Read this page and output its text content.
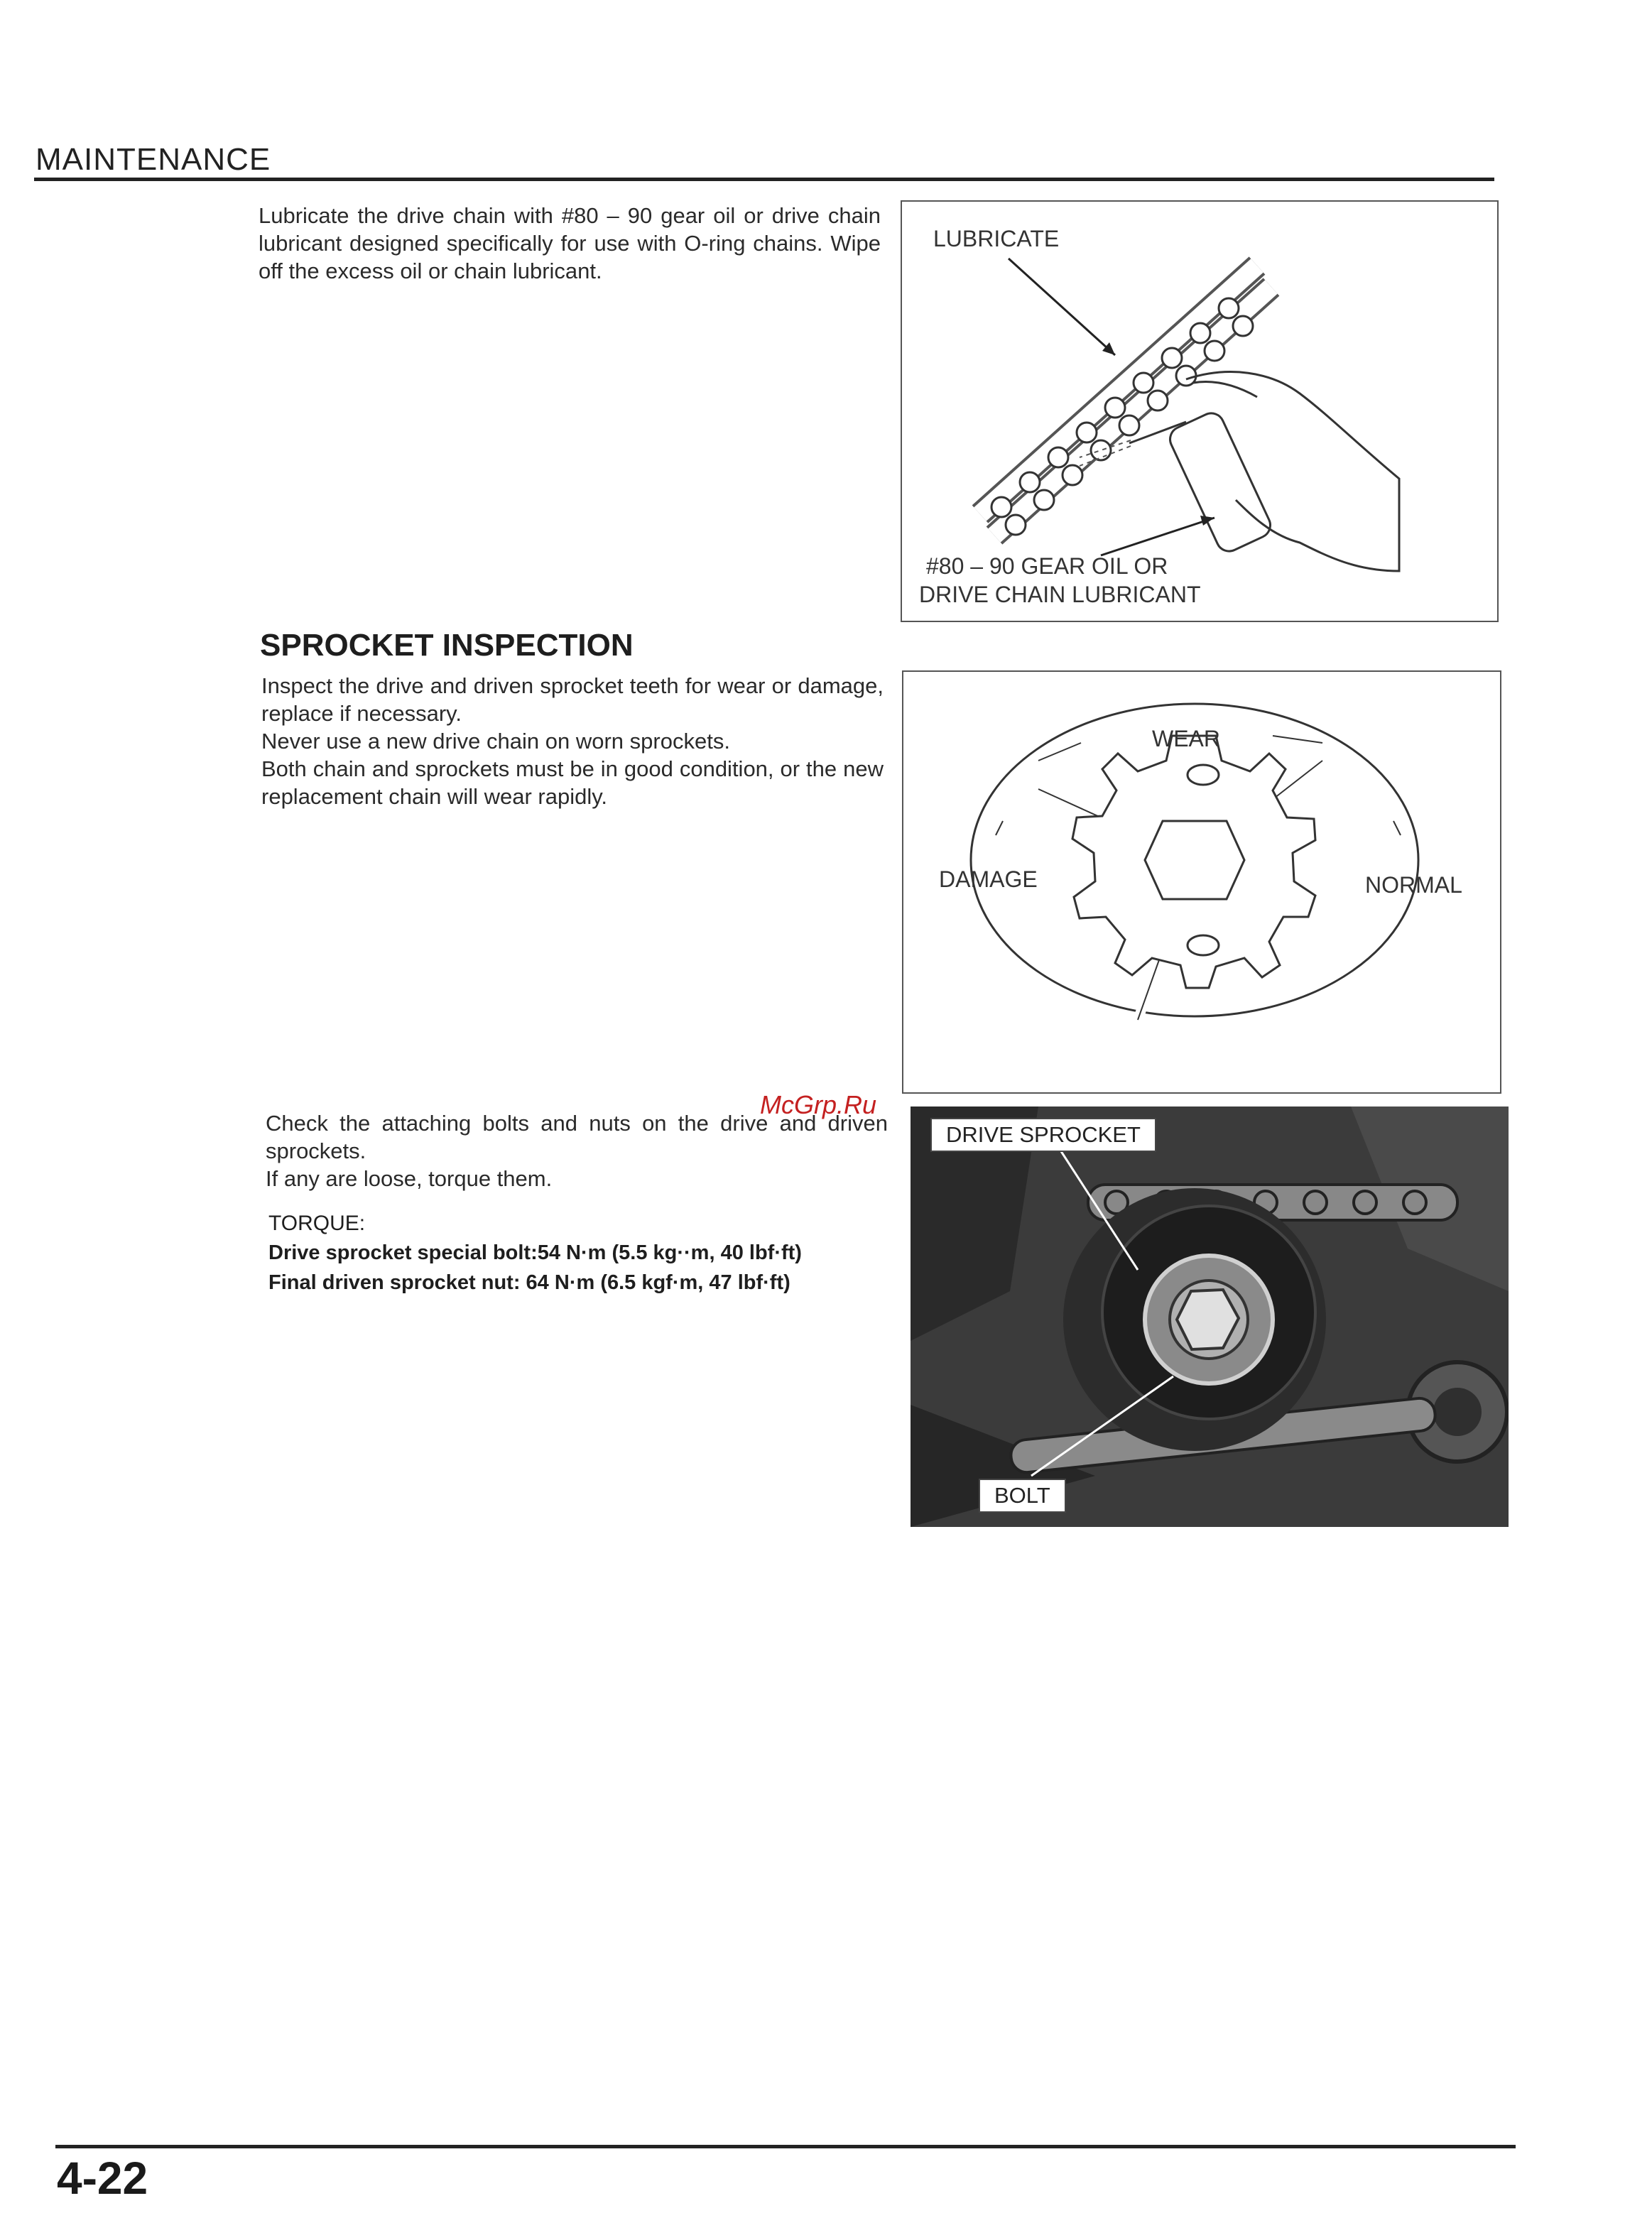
MAINTENANCE
Lubricate the drive chain with #80 – 90 gear oil or drive chain lubricant designed specifically for use with O-ring chains. Wipe off the excess oil or chain lubricant.
LUBRICATE
#80 – 90 GEAR OIL OR
DRIVE CHAIN LUBRICANT
SPROCKET INSPECTION
Inspect the drive and driven sprocket teeth for wear or damage, replace if necessary.
Never use a new drive chain on worn sprockets.
Both chain and sprockets must be in good condition, or the new replacement chain will wear rapidly.
WEAR
DAMAGE	NORMAL
Check the attaching bolts and nuts on the drive and driven sprockets.
If any are loose, torque them.
TORQUE:
Drive sprocket special bolt:54 N·m (5.5 kg··m, 40 lbf·ft)
Final driven sprocket nut: 64 N·m (6.5 kgf·m, 47 lbf·ft)
DRIVE SPROCKET
BOLT
McGrp.Ru
4-22
